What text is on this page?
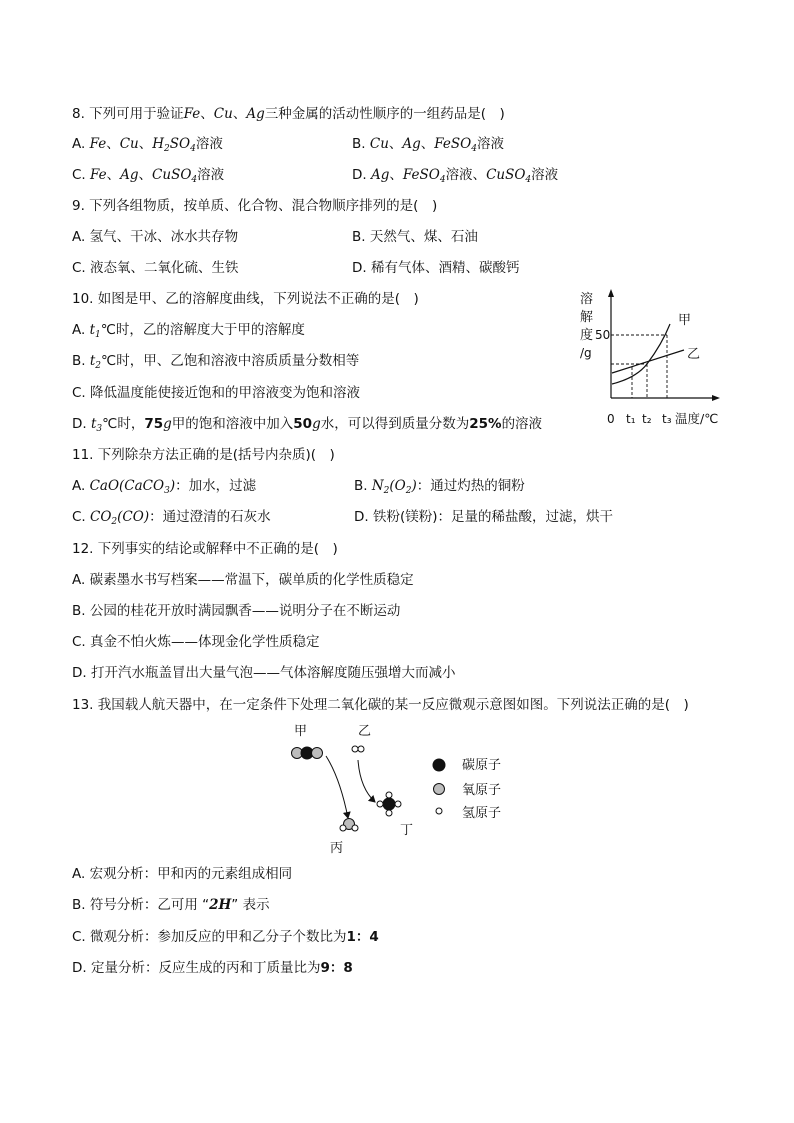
8. 下列可用于验证Fe、Cu、Ag三种金属的活动性顺序的一组药品是(　)
A. Fe、Cu、$H_2SO_4$溶液	B. Cu、Ag、FeSO$_4$溶液
C. Fe、Ag、CuSO$_4$溶液	D. Ag、FeSO$_4$溶液、CuSO$_4$溶液
9. 下列各组物质，按单质、化合物、混合物顺序排列的是(　)
A. 氢气、干冰、冰水共存物	B. 天然气、煤、石油
C. 液态氧、二氧化硫、生铁	D. 稀有气体、酒精、碳酸钙
10. 如图是甲、乙的溶解度曲线，下列说法不正确的是(　)
A. $t_1℃$时，乙的溶解度大于甲的溶解度
B. $t_2℃$时，甲、乙饱和溶液中溶质质量分数相等
C. 降低温度能使接近饱和的甲溶液变为饱和溶液
D. $t_3℃$时，75g甲的饱和溶液中加入50g水，可以得到质量分数为25%的溶液
溶
解
度
/g
50
甲
乙
0 t₁ t₂ t₃ 温度/℃
11. 下列除杂方法正确的是(括号内杂质)(　)
A. CaO(CaCO$_3$)：加水，过滤	B. $N_2(O_2)$：通过灼热的铜粉
C. $CO_2(CO)$：通过澄清的石灰水	D. 铁粉(镁粉)：足量的稀盐酸，过滤，烘干
12. 下列事实的结论或解释中不正确的是(　)
A. 碳素墨水书写档案——常温下，碳单质的化学性质稳定
B. 公园的桂花开放时满园飘香——说明分子在不断运动
C. 真金不怕火炼——体现金化学性质稳定
D. 打开汽水瓶盖冒出大量气泡——气体溶解度随压强增大而减小
13. 我国载人航天器中，在一定条件下处理二氧化碳的某一反应微观示意图如图。下列说法正确的是(　)
甲	乙
丙
丁
碳原子
氧原子
氢原子
A. 宏观分析：甲和丙的元素组成相同
B. 符号分析：乙可用 “2H” 表示
C. 微观分析：参加反应的甲和乙分子个数比为1：4
D. 定量分析：反应生成的丙和丁质量比为9：8
